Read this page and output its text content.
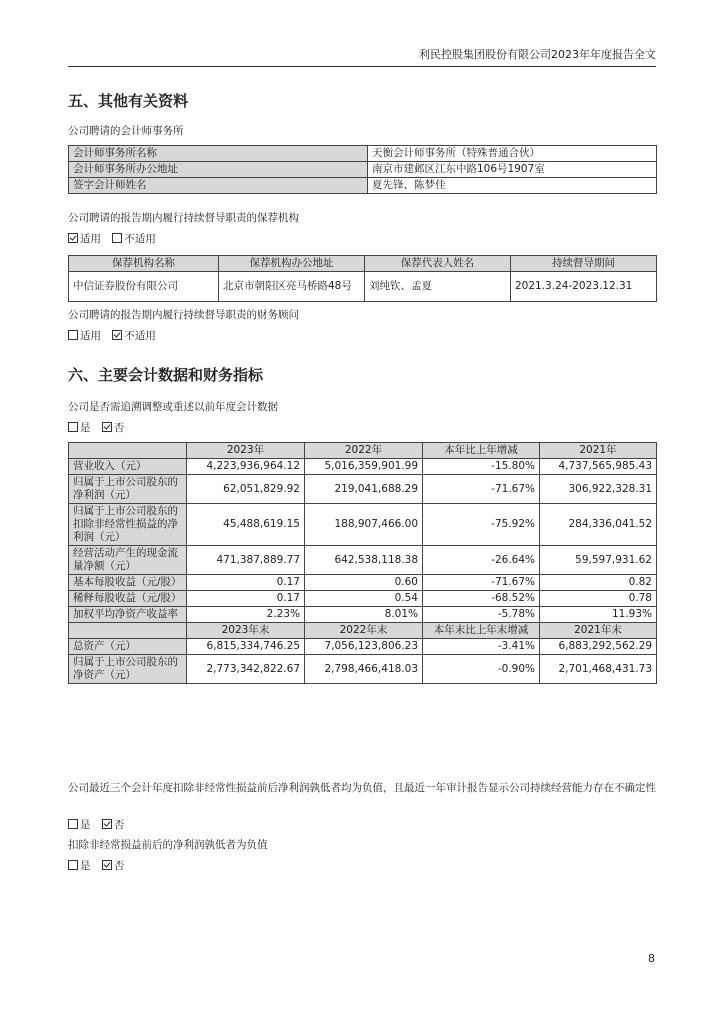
利民控股集团股份有限公司2023年年度报告全文
五、其他有关资料
公司聘请的会计师事务所
会计师事务所名称	天衡会计师事务所（特殊普通合伙）
会计师事务所办公地址	南京市建邺区江东中路106号1907室
签字会计师姓名	夏先锋、陈梦佳
公司聘请的报告期内履行持续督导职责的保荐机构
适用 不适用
保荐机构名称	保荐机构办公地址	保荐代表人姓名	持续督导期间
中信证券股份有限公司	北京市朝阳区亮马桥路48号	刘纯钦、孟夏	2021.3.24-2023.12.31
公司聘请的报告期内履行持续督导职责的财务顾问
适用 不适用
六、主要会计数据和财务指标
公司是否需追溯调整或重述以前年度会计数据
是 否
	2023年	2022年	本年比上年增减	2021年
营业收入（元）	4,223,936,964.12	5,016,359,901.99	-15.80%	4,737,565,985.43
归属于上市公司股东的净利润（元）	62,051,829.92	219,041,688.29	-71.67%	306,922,328.31
归属于上市公司股东的扣除非经常性损益的净利润（元）	45,488,619.15	188,907,466.00	-75.92%	284,336,041.52
经营活动产生的现金流量净额（元）	471,387,889.77	642,538,118.38	-26.64%	59,597,931.62
基本每股收益（元/股）	0.17	0.60	-71.67%	0.82
稀释每股收益（元/股）	0.17	0.54	-68.52%	0.78
加权平均净资产收益率	2.23%	8.01%	-5.78%	11.93%
	2023年末	2022年末	本年末比上年末增减	2021年末
总资产（元）	6,815,334,746.25	7,056,123,806.23	-3.41%	6,883,292,562.29
归属于上市公司股东的净资产（元）	2,773,342,822.67	2,798,466,418.03	-0.90%	2,701,468,431.73
公司最近三个会计年度扣除非经常性损益前后净利润孰低者均为负值，且最近一年审计报告显示公司持续经营能力存在不确定性
是 否
扣除非经常损益前后的净利润孰低者为负值
是 否
8
